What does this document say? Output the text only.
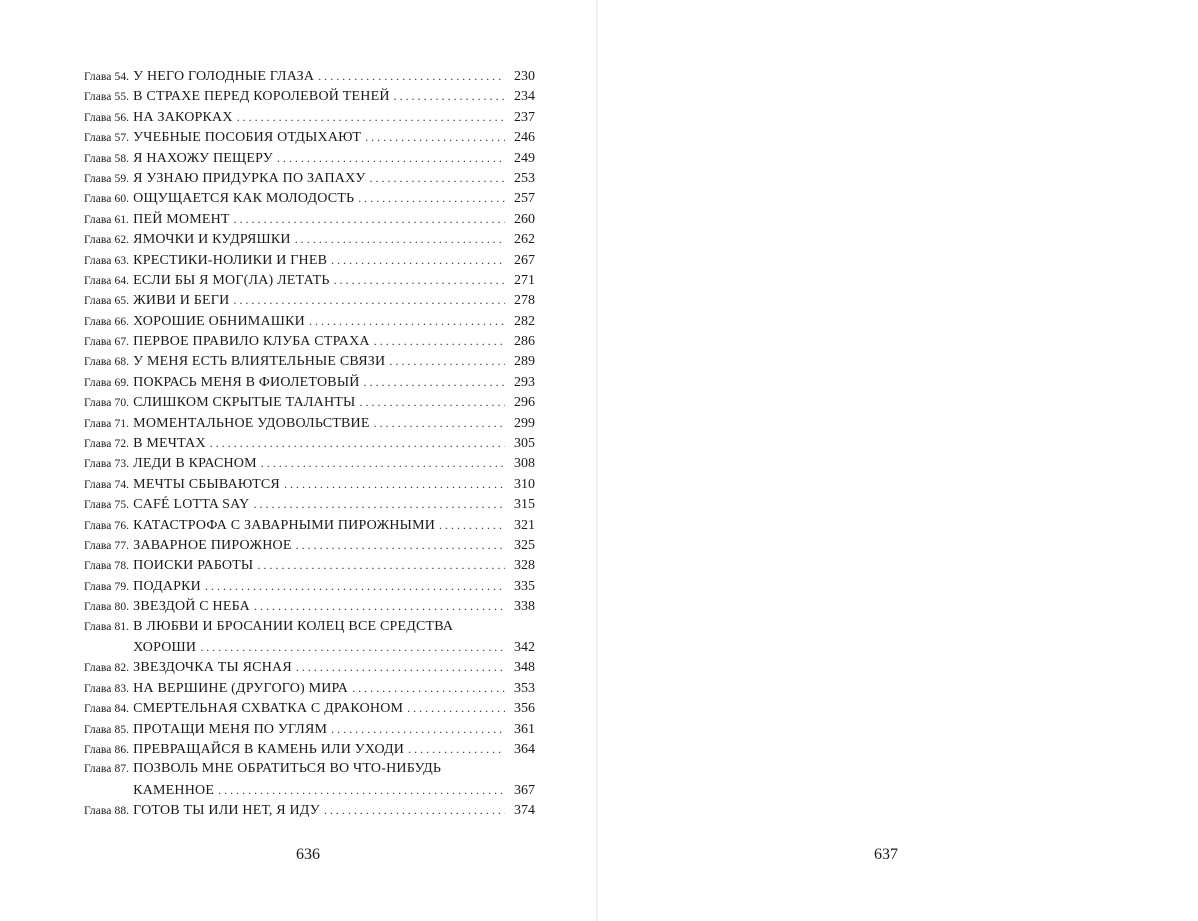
Глава 54. У НЕГО ГОЛОДНЫЕ ГЛАЗА . . .	230
Глава 55. В СТРАХЕ ПЕРЕД КОРОЛЕВОЙ ТЕНЕЙ . . .	234
Глава 56. НА ЗАКОРКАХ . . .	237
Глава 57. УЧЕБНЫЕ ПОСОБИЯ ОТДЫХАЮТ . . .	246
Глава 58. Я НАХОЖУ ПЕЩЕРУ . . .	249
Глава 59. Я УЗНАЮ ПРИДУРКА ПО ЗАПАХУ . . .	253
Глава 60. ОЩУЩАЕТСЯ КАК МОЛОДОСТЬ . . .	257
Глава 61. ПЕЙ МОМЕНТ . . .	260
Глава 62. ЯМОЧКИ И КУДРЯШКИ . . .	262
Глава 63. КРЕСТИКИ-НОЛИКИ И ГНЕВ . . .	267
Глава 64. ЕСЛИ БЫ Я МОГ(ЛА) ЛЕТАТЬ . . .	271
Глава 65. ЖИВИ И БЕГИ . . .	278
Глава 66. ХОРОШИЕ ОБНИМАШКИ . . .	282
Глава 67. ПЕРВОЕ ПРАВИЛО КЛУБА СТРАХА . . .	286
Глава 68. У МЕНЯ ЕСТЬ ВЛИЯТЕЛЬНЫЕ СВЯЗИ . . .	289
Глава 69. ПОКРАСЬ МЕНЯ В ФИОЛЕТОВЫЙ . . .	293
Глава 70. СЛИШКОМ СКРЫТЫЕ ТАЛАНТЫ . . .	296
Глава 71. МОМЕНТАЛЬНОЕ УДОВОЛЬСТВИЕ . . .	299
Глава 72. В МЕЧТАХ . . .	305
Глава 73. ЛЕДИ В КРАСНОМ . . .	308
Глава 74. МЕЧТЫ СБЫВАЮТСЯ . . .	310
Глава 75. CAFÉ LOTTA SAY . . .	315
Глава 76. КАТАСТРОФА С ЗАВАРНЫМИ ПИРОЖНЫМИ . . .	321
Глава 77. ЗАВАРНОЕ ПИРОЖНОЕ . . .	325
Глава 78. ПОИСКИ РАБОТЫ . . .	328
Глава 79. ПОДАРКИ . . .	335
Глава 80. ЗВЕЗДОЙ С НЕБА . . .	338
Глава 81. В ЛЮБВИ И БРОСАНИИ КОЛЕЦ ВСЕ СРЕДСТВА
ХОРОШИ . . .	342
Глава 82. ЗВЕЗДОЧКА ТЫ ЯСНАЯ . . .	348
Глава 83. НА ВЕРШИНЕ (ДРУГОГО) МИРА . . .	353
Глава 84. СМЕРТЕЛЬНАЯ СХВАТКА С ДРАКОНОМ . . .	356
Глава 85. ПРОТАЩИ МЕНЯ ПО УГЛЯМ . . .	361
Глава 86. ПРЕВРАЩАЙСЯ В КАМЕНЬ ИЛИ УХОДИ . . .	364
Глава 87. ПОЗВОЛЬ МНЕ ОБРАТИТЬСЯ ВО ЧТО-НИБУДЬ
КАМЕННОЕ . . .	367
Глава 88. ГОТОВ ТЫ ИЛИ НЕТ, Я ИДУ . . .	374
636	637
